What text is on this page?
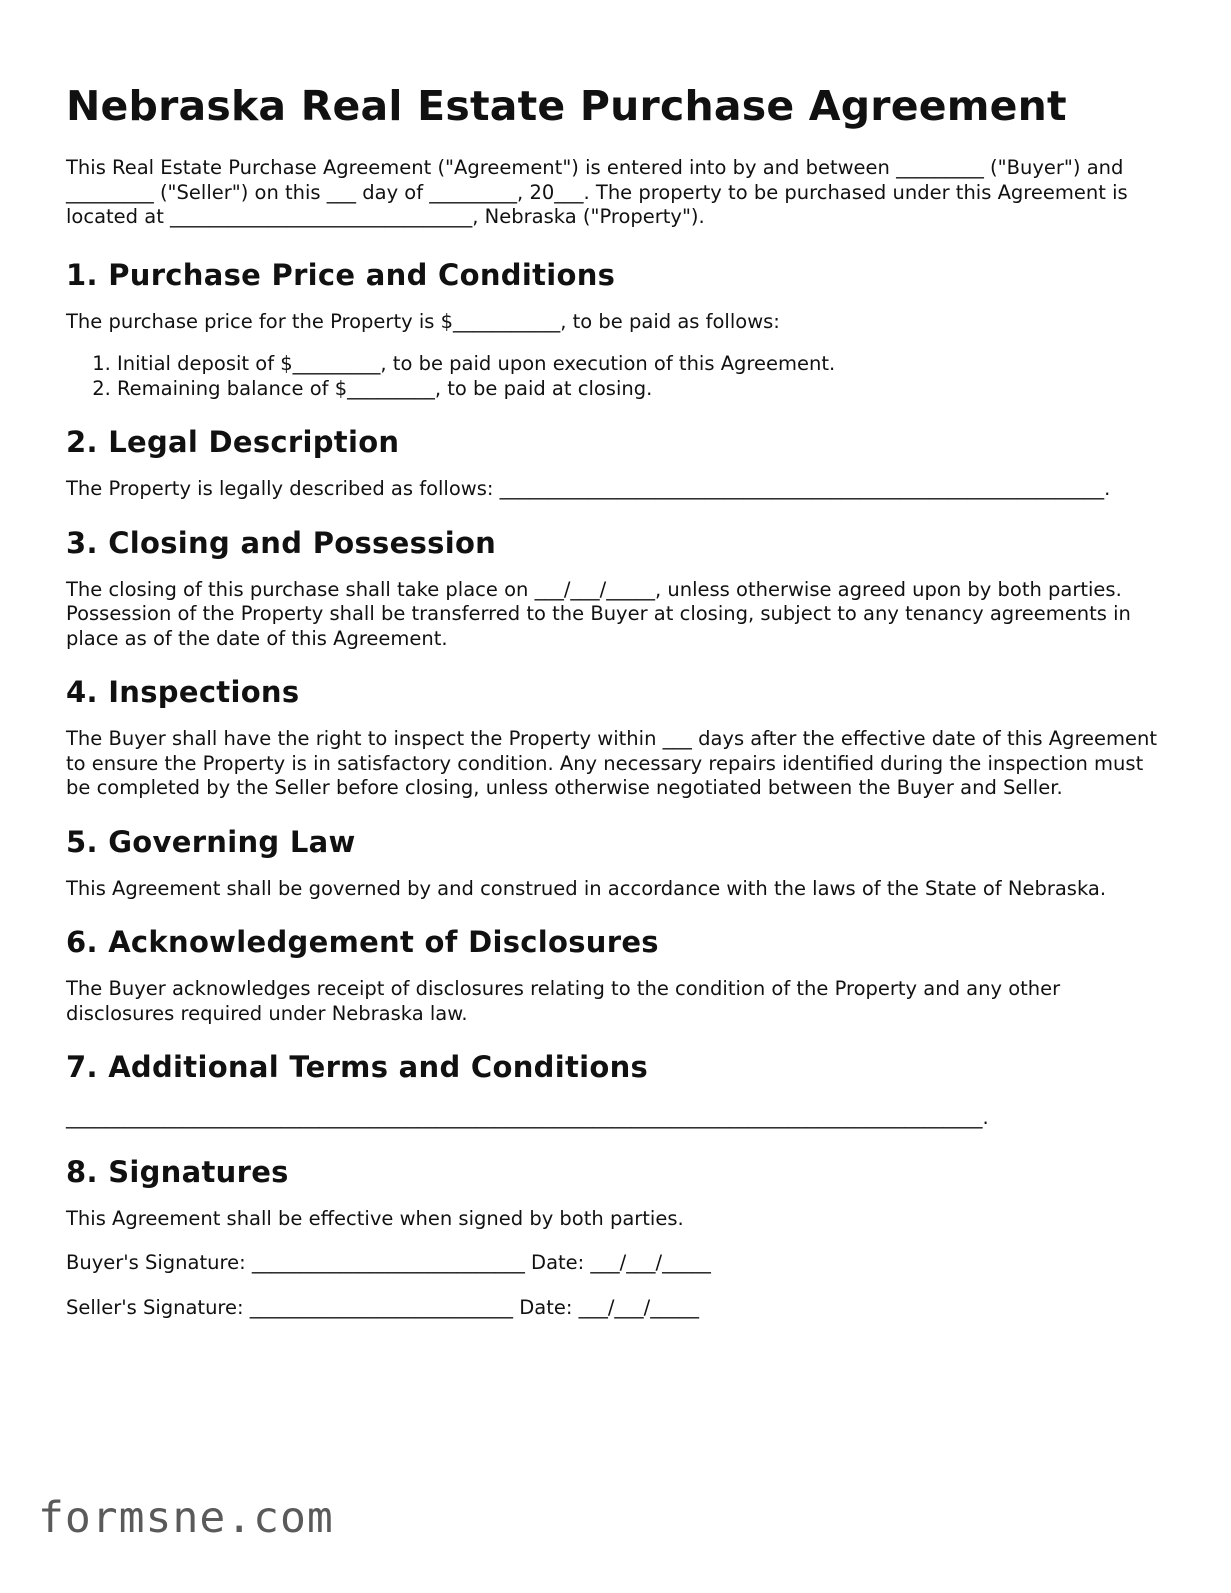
Nebraska Real Estate Purchase Agreement

This Real Estate Purchase Agreement ("Agreement") is entered into by and between _________ ("Buyer") and _________ ("Seller") on this ___ day of _________, 20___. The property to be purchased under this Agreement is located at _______________________________, Nebraska ("Property").

1. Purchase Price and Conditions

The purchase price for the Property is $___________, to be paid as follows:

1. Initial deposit of $_________, to be paid upon execution of this Agreement.
2. Remaining balance of $_________, to be paid at closing.
2. Legal Description

The Property is legally described as follows: ______________________________________________________________.

3. Closing and Possession

The closing of this purchase shall take place on ___/___/_____, unless otherwise agreed upon by both parties. Possession of the Property shall be transferred to the Buyer at closing, subject to any tenancy agreements in place as of the date of this Agreement.

4. Inspections

The Buyer shall have the right to inspect the Property within ___ days after the effective date of this Agreement to ensure the Property is in satisfactory condition. Any necessary repairs identified during the inspection must be completed by the Seller before closing, unless otherwise negotiated between the Buyer and Seller.

5. Governing Law

This Agreement shall be governed by and construed in accordance with the laws of the State of Nebraska.

6. Acknowledgement of Disclosures

The Buyer acknowledges receipt of disclosures relating to the condition of the Property and any other disclosures required under Nebraska law.

7. Additional Terms and Conditions

______________________________________________________________________________________________.

8. Signatures

This Agreement shall be effective when signed by both parties.

Buyer's Signature: ____________________________ Date: ___/___/_____

Seller's Signature: ___________________________ Date: ___/___/_____

formsne.com
